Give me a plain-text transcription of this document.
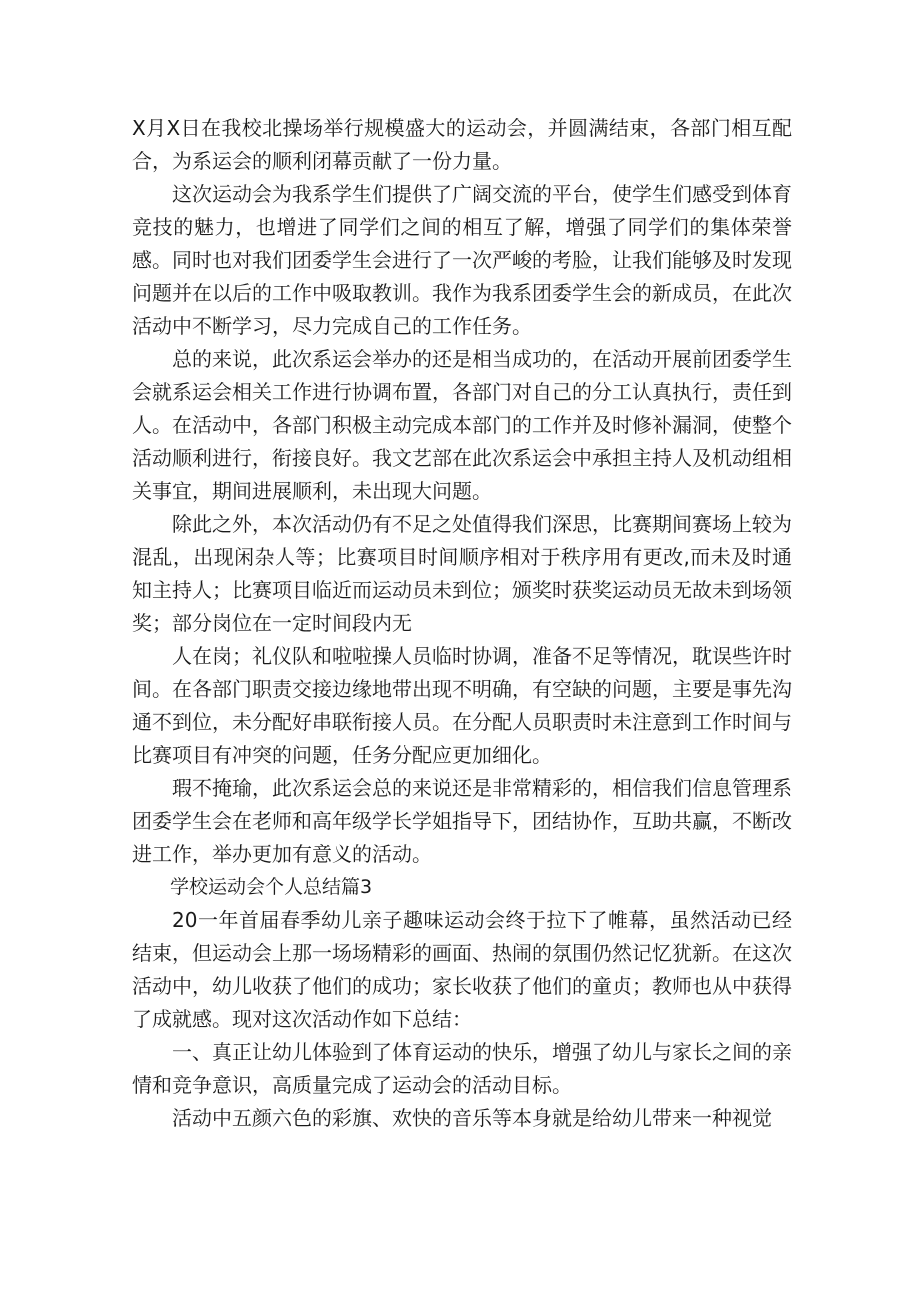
X月X日在我校北操场举行规模盛大的运动会，并圆满结束，各部门相互配合，为系运会的顺利闭幕贡献了一份力量。

这次运动会为我系学生们提供了广阔交流的平台，使学生们感受到体育竞技的魅力，也增进了同学们之间的相互了解，增强了同学们的集体荣誉感。同时也对我们团委学生会进行了一次严峻的考脸，让我们能够及时发现问题并在以后的工作中吸取教训。我作为我系团委学生会的新成员，在此次活动中不断学习，尽力完成自己的工作任务。

总的来说，此次系运会举办的还是相当成功的，在活动开展前团委学生会就系运会相关工作进行协调布置，各部门对自己的分工认真执行，责任到人。在活动中，各部门积极主动完成本部门的工作并及时修补漏洞，使整个活动顺利进行，衔接良好。我文艺部在此次系运会中承担主持人及机动组相关事宜，期间进展顺利，未出现大问题。

除此之外，本次活动仍有不足之处值得我们深思，比赛期间赛场上较为混乱，出现闲杂人等；比赛项目时间顺序相对于秩序用有更改,而未及时通知主持人；比赛项目临近而运动员未到位；颁奖时获奖运动员无故未到场领奖；部分岗位在一定时间段内无

人在岗；礼仪队和啦啦操人员临时协调，准备不足等情况，耽误些许时间。在各部门职责交接边缘地带出现不明确，有空缺的问题，主要是事先沟通不到位，未分配好串联衔接人员。在分配人员职责时未注意到工作时间与比赛项目有冲突的问题，任务分配应更加细化。

瑕不掩瑜，此次系运会总的来说还是非常精彩的，相信我们信息管理系团委学生会在老师和高年级学长学姐指导下，团结协作，互助共赢，不断改进工作，举办更加有意义的活动。

学校运动会个人总结篇3

20一年首届春季幼儿亲子趣味运动会终于拉下了帷幕，虽然活动已经结束，但运动会上那一场场精彩的画面、热闹的氛围仍然记忆犹新。在这次活动中，幼儿收获了他们的成功；家长收获了他们的童贞；教师也从中获得了成就感。现对这次活动作如下总结：

一、真正让幼儿体验到了体育运动的快乐，增强了幼儿与家长之间的亲情和竞争意识，高质量完成了运动会的活动目标。

活动中五颜六色的彩旗、欢快的音乐等本身就是给幼儿带来一种视觉
